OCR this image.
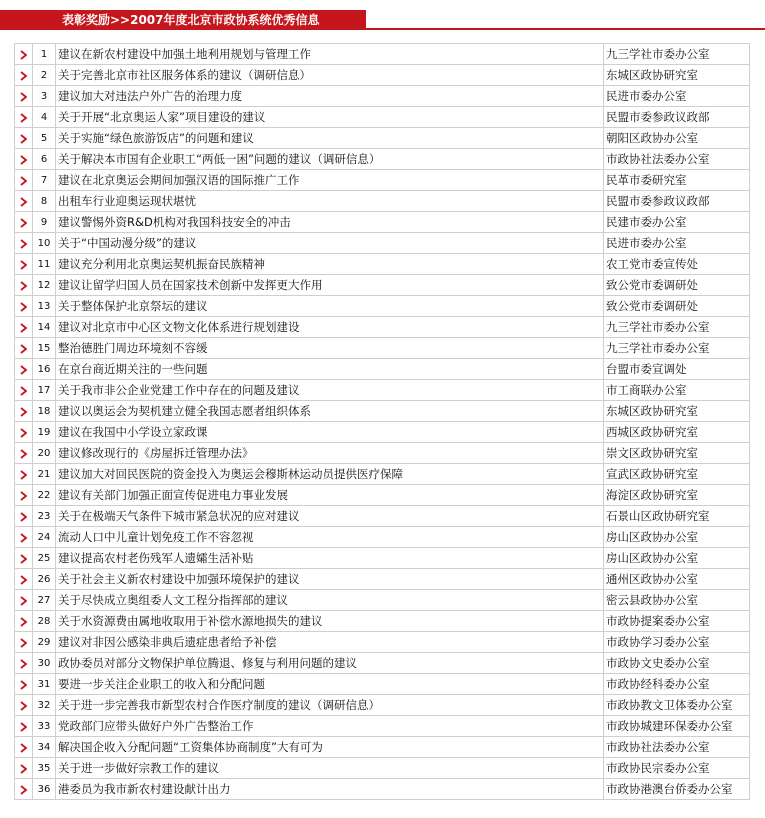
表彰奖励>>2007年度北京市政协系统优秀信息
	1	建议在新农村建设中加强土地利用规划与管理工作	九三学社市委办公室
	2	关于完善北京市社区服务体系的建议（调研信息）	东城区政协研究室
	3	建议加大对违法户外广告的治理力度	民进市委办公室
	4	关于开展“北京奥运人家”项目建设的建议	民盟市委参政议政部
	5	关于实施“绿色旅游饭店”的问题和建议	朝阳区政协办公室
	6	关于解决本市国有企业职工“两低一困”问题的建议（调研信息）	市政协社法委办公室
	7	建议在北京奥运会期间加强汉语的国际推广工作	民革市委研究室
	8	出租车行业迎奥运现状堪忧	民盟市委参政议政部
	9	建议警惕外资R&D机构对我国科技安全的冲击	民建市委办公室
	10	关于“中国动漫分级”的建议	民进市委办公室
	11	建议充分利用北京奥运契机振奋民族精神	农工党市委宣传处
	12	建议让留学归国人员在国家技术创新中发挥更大作用	致公党市委调研处
	13	关于整体保护北京祭坛的建议	致公党市委调研处
	14	建议对北京市中心区文物文化体系进行规划建设	九三学社市委办公室
	15	整治德胜门周边环境刻不容缓	九三学社市委办公室
	16	在京台商近期关注的一些问题	台盟市委宣调处
	17	关于我市非公企业党建工作中存在的问题及建议	市工商联办公室
	18	建议以奥运会为契机建立健全我国志愿者组织体系	东城区政协研究室
	19	建议在我国中小学设立家政课	西城区政协研究室
	20	建议修改现行的《房屋拆迁管理办法》	崇文区政协研究室
	21	建议加大对回民医院的资金投入为奥运会穆斯林运动员提供医疗保障	宣武区政协研究室
	22	建议有关部门加强正面宣传促进电力事业发展	海淀区政协研究室
	23	关于在极端天气条件下城市紧急状况的应对建议	石景山区政协研究室
	24	流动人口中儿童计划免疫工作不容忽视	房山区政协办公室
	25	建议提高农村老伤残军人遗孀生活补贴	房山区政协办公室
	26	关于社会主义新农村建设中加强环境保护的建议	通州区政协办公室
	27	关于尽快成立奥组委人文工程分指挥部的建议	密云县政协办公室
	28	关于水资源费由属地收取用于补偿水源地损失的建议	市政协提案委办公室
	29	建议对非因公感染非典后遗症患者给予补偿	市政协学习委办公室
	30	政协委员对部分文物保护单位腾退、修复与利用问题的建议	市政协文史委办公室
	31	要进一步关注企业职工的收入和分配问题	市政协经科委办公室
	32	关于进一步完善我市新型农村合作医疗制度的建议（调研信息）	市政协教文卫体委办公室
	33	党政部门应带头做好户外广告整治工作	市政协城建环保委办公室
	34	解决国企收入分配问题“工资集体协商制度”大有可为	市政协社法委办公室
	35	关于进一步做好宗教工作的建议	市政协民宗委办公室
	36	港委员为我市新农村建设献计出力	市政协港澳台侨委办公室
